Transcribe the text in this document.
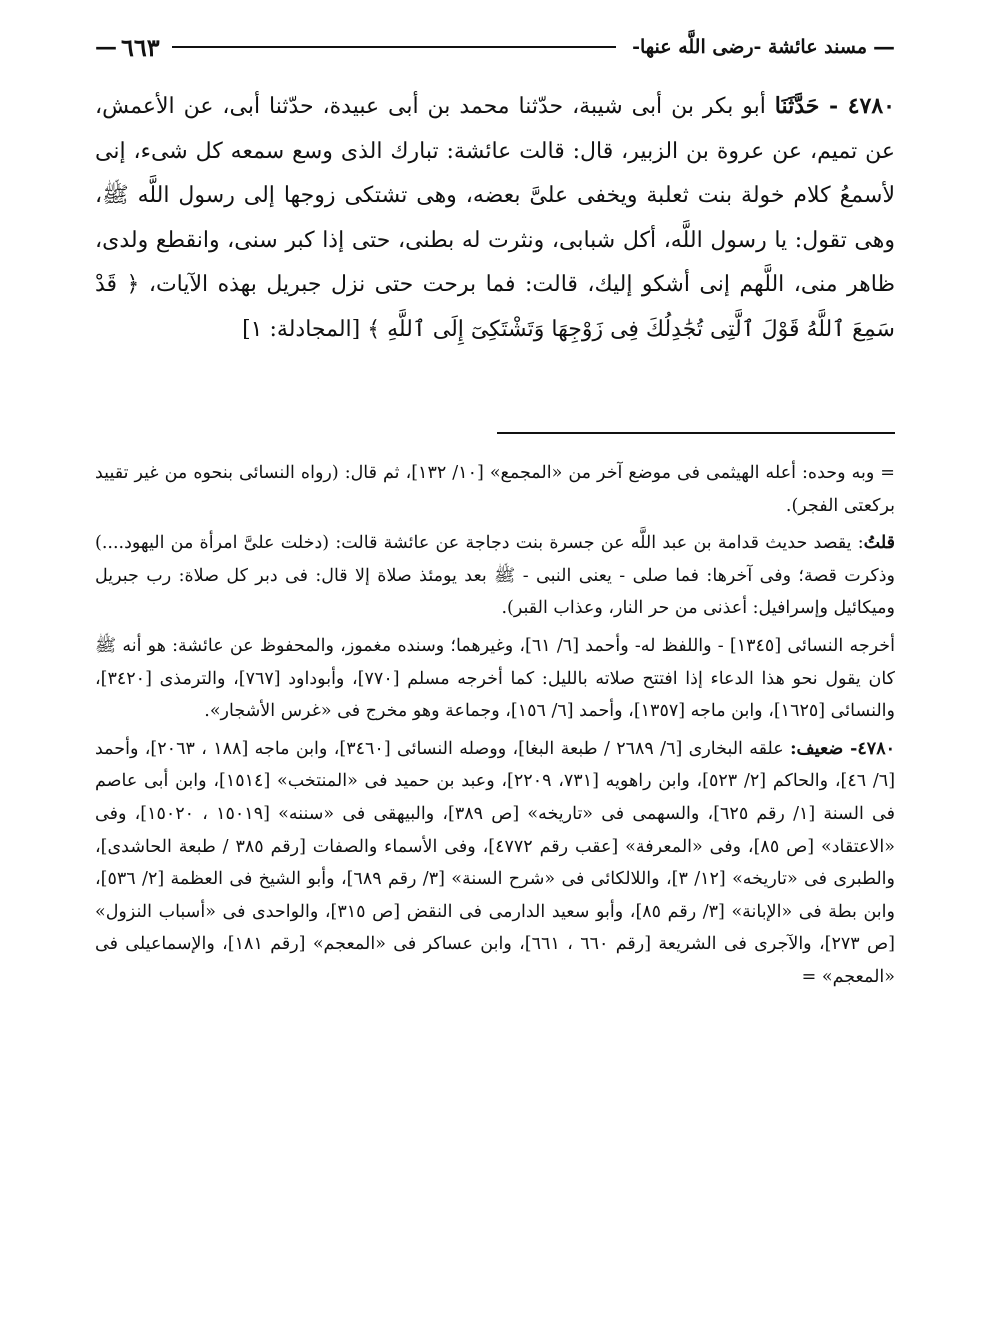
—
مسند عائشة -رضى اللَّه عنها-
٦٦٣
—
٤٧٨٠ - حَدَّثَنَا أبو بكر بن أبى شيبة، حدّثنا محمد بن أبى عبيدة، حدّثنا أبى، عن الأعمش، عن تميم، عن عروة بن الزبير، قال: قالت عائشة: تبارك الذى وسع سمعه كل شىء، إنى لأسمعُ كلام خولة بنت ثعلبة ويخفى علىَّ بعضه، وهى تشتكى زوجها إلى رسول اللَّه ﷺ، وهى تقول: يا رسول اللَّه، أكل شبابى، ونثرت له بطنى، حتى إذا كبر سنى، وانقطع ولدى، ظاهر منى، اللَّهم إنى أشكو إليك، قالت: فما برحت حتى نزل جبريل بهذه الآيات، ﴿ قَدْ سَمِعَ ٱللَّهُ قَوْلَ ٱلَّتِى تُجَٰدِلُكَ فِى زَوْجِهَا وَتَشْتَكِىٓ إِلَى ٱللَّهِ ﴾ [المجادلة: ١]

= وبه وحده: أعله الهيثمى فى موضع آخر من «المجمع» [١٠/ ١٣٢]، ثم قال: (رواه النسائى بنحوه من غير تقييد بركعتى الفجر).

قلتُ: يقصد حديث قدامة بن عبد اللَّه عن جسرة بنت دجاجة عن عائشة قالت: (دخلت علىَّ امرأة من اليهود....) وذكرت قصة؛ وفى آخرها: فما صلى - يعنى النبى - ﷺ بعد يومئذ صلاة إلا قال: فى دبر كل صلاة: رب جبريل وميكائيل وإسرافيل: أعذنى من حر النار، وعذاب القبر).

أخرجه النسائى [١٣٤٥] - واللفظ له- وأحمد [٦/ ٦١]، وغيرهما؛ وسنده مغموز، والمحفوظ عن عائشة: هو أنه ﷺ كان يقول نحو هذا الدعاء إذا افتتح صلاته بالليل: كما أخرجه مسلم [٧٧٠]، وأبوداود [٧٦٧]، والترمذى [٣٤٢٠]، والنسائى [١٦٢٥]، وابن ماجه [١٣٥٧]، وأحمد [٦/ ١٥٦]، وجماعة وهو مخرج فى «غرس الأشجار».

٤٧٨٠- ضعيف: علقه البخارى [٦/ ٢٦٨٩ / طبعة البغا]، ووصله النسائى [٣٤٦٠]، وابن ماجه [١٨٨ ، ٢٠٦٣]، وأحمد [٦/ ٤٦]، والحاكم [٢/ ٥٢٣]، وابن راهويه [٧٣١، ٢٢٠٩]، وعبد بن حميد فى «المنتخب» [١٥١٤]، وابن أبى عاصم فى السنة [١/ رقم ٦٢٥]، والسهمى فى «تاريخه» [ص ٣٨٩]، والبيهقى فى «سننه» [١٥٠١٩ ، ١٥٠٢٠]، وفى «الاعتقاد» [ص ٨٥]، وفى «المعرفة» [عقب رقم ٤٧٧٢]، وفى الأسماء والصفات [رقم ٣٨٥ / طبعة الحاشدى]، والطبرى فى «تاريخه» [١٢/ ٣]، واللالكائى فى «شرح السنة» [٣/ رقم ٦٨٩]، وأبو الشيخ فى العظمة [٢/ ٥٣٦]، وابن بطة فى «الإبانة» [٣/ رقم ٨٥]، وأبو سعيد الدارمى فى النقض [ص ٣١٥]، والواحدى فى «أسباب النزول» [ص ٢٧٣]، والآجرى فى الشريعة [رقم ٦٦٠ ، ٦٦١]، وابن عساكر فى «المعجم» [رقم ١٨١]، والإسماعيلى فى «المعجم» =
